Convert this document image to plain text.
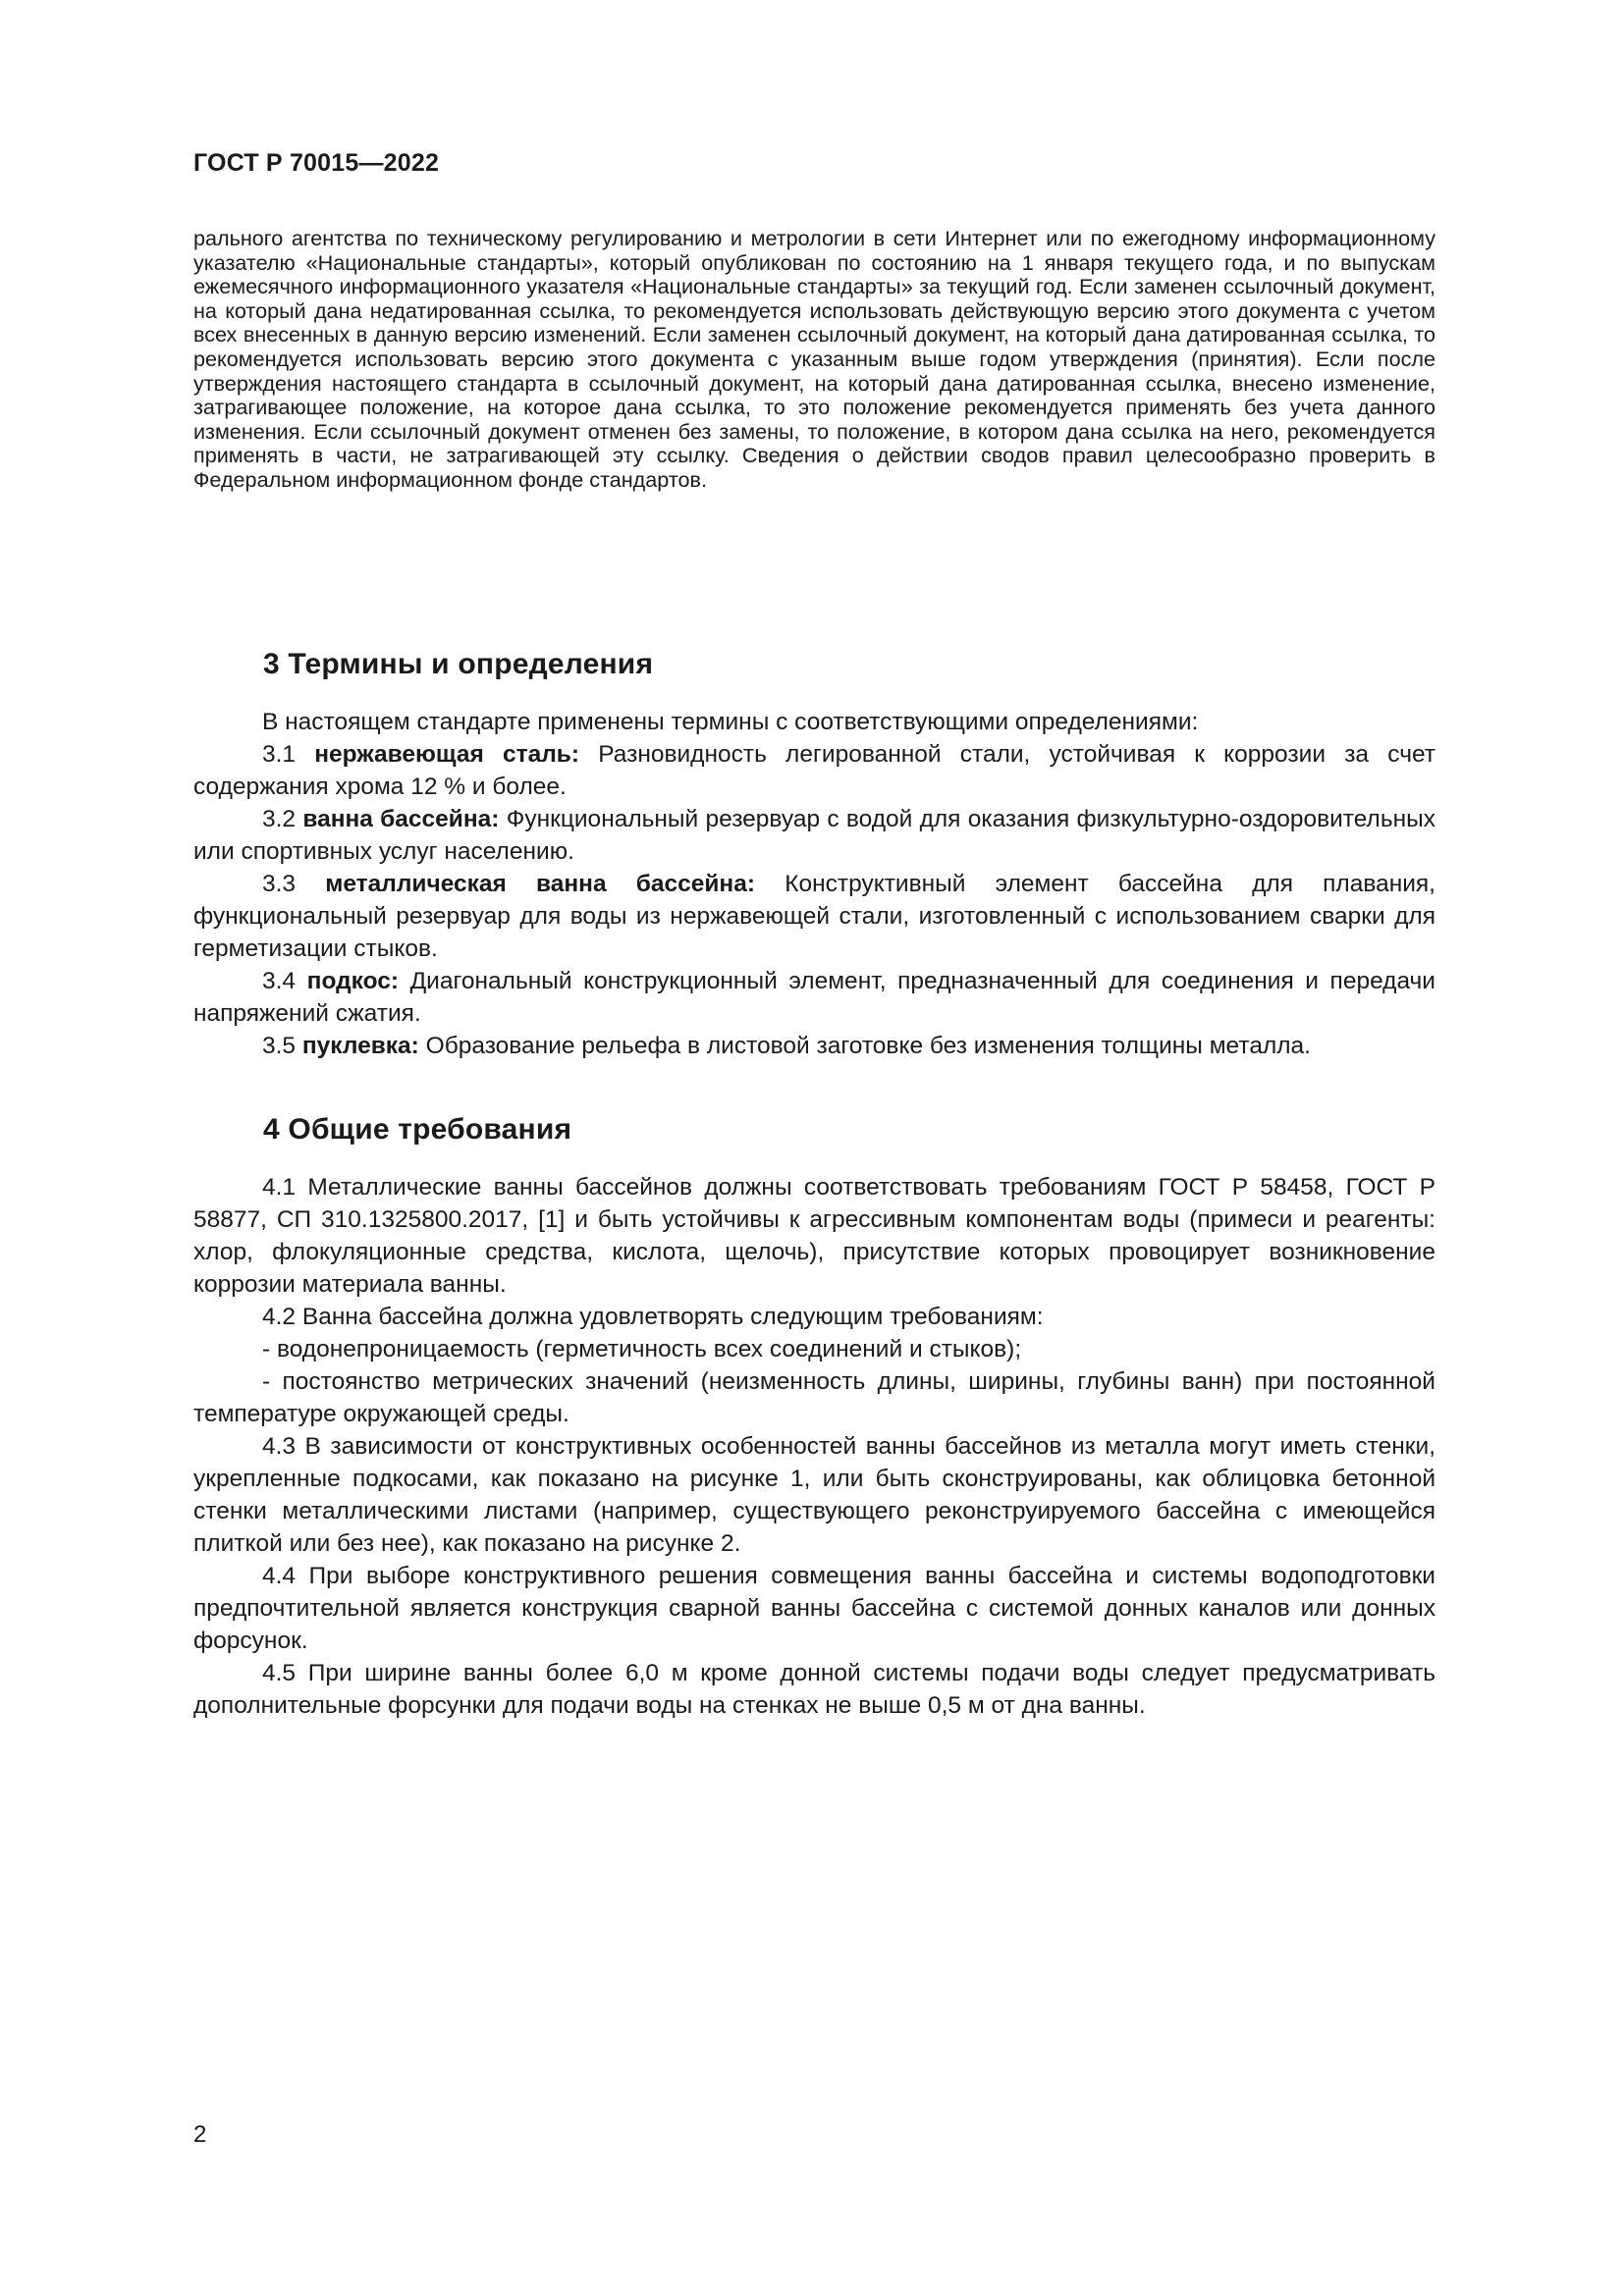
ГОСТ Р 70015—2022

рального агентства по техническому регулированию и метрологии в сети Интернет или по ежегодному информационному указателю «Национальные стандарты», который опубликован по состоянию на 1 января текущего года, и по выпускам ежемесячного информационного указателя «Национальные стандарты» за текущий год. Если заменен ссылочный документ, на который дана недатированная ссылка, то рекомендуется использовать действующую версию этого документа с учетом всех внесенных в данную версию изменений. Если заменен ссылочный документ, на который дана датированная ссылка, то рекомендуется использовать версию этого документа с указанным выше годом утверждения (принятия). Если после утверждения настоящего стандарта в ссылочный документ, на который дана датированная ссылка, внесено изменение, затрагивающее положение, на которое дана ссылка, то это положение рекомендуется применять без учета данного изменения. Если ссылочный документ отменен без замены, то положение, в котором дана ссылка на него, рекомендуется применять в части, не затрагивающей эту ссылку. Сведения о действии сводов правил целесообразно проверить в Федеральном информационном фонде стандартов.

3 Термины и определения

В настоящем стандарте применены термины с соответствующими определениями:

3.1 нержавеющая сталь: Разновидность легированной стали, устойчивая к коррозии за счет содержания хрома 12 % и более.

3.2 ванна бассейна: Функциональный резервуар с водой для оказания физкультурно-оздоровительных или спортивных услуг населению.

3.3 металлическая ванна бассейна: Конструктивный элемент бассейна для плавания, функциональный резервуар для воды из нержавеющей стали, изготовленный с использованием сварки для герметизации стыков.

3.4 подкос: Диагональный конструкционный элемент, предназначенный для соединения и передачи напряжений сжатия.

3.5 пуклевка: Образование рельефа в листовой заготовке без изменения толщины металла.

4 Общие требования

4.1 Металлические ванны бассейнов должны соответствовать требованиям ГОСТ Р 58458, ГОСТ Р 58877, СП 310.1325800.2017, [1] и быть устойчивы к агрессивным компонентам воды (примеси и реагенты: хлор, флокуляционные средства, кислота, щелочь), присутствие которых провоцирует возникновение коррозии материала ванны.

4.2 Ванна бассейна должна удовлетворять следующим требованиям:

- водонепроницаемость (герметичность всех соединений и стыков);

- постоянство метрических значений (неизменность длины, ширины, глубины ванн) при постоянной температуре окружающей среды.

4.3 В зависимости от конструктивных особенностей ванны бассейнов из металла могут иметь стенки, укрепленные подкосами, как показано на рисунке 1, или быть сконструированы, как облицовка бетонной стенки металлическими листами (например, существующего реконструируемого бассейна с имеющейся плиткой или без нее), как показано на рисунке 2.

4.4 При выборе конструктивного решения совмещения ванны бассейна и системы водоподготовки предпочтительной является конструкция сварной ванны бассейна с системой донных каналов или донных форсунок.

4.5 При ширине ванны более 6,0 м кроме донной системы подачи воды следует предусматривать дополнительные форсунки для подачи воды на стенках не выше 0,5 м от дна ванны.

2
